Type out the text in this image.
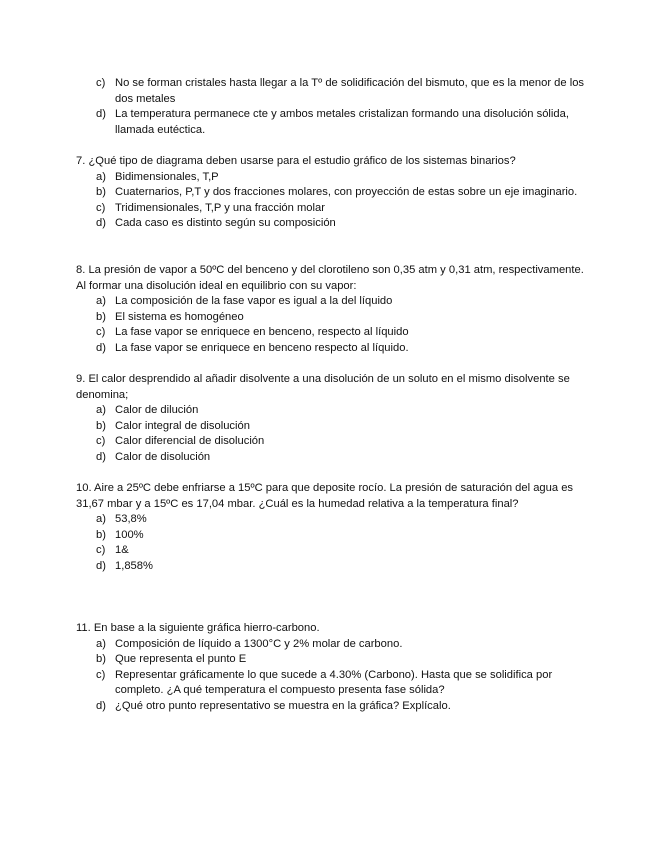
c) No se forman cristales hasta llegar a la Tº de solidificación del bismuto, que es la menor de los dos metales
d) La temperatura permanece cte y ambos metales cristalizan formando una disolución sólida, llamada eutéctica.
7. ¿Qué tipo de diagrama deben usarse para el estudio gráfico de los sistemas binarios?
a) Bidimensionales, T,P
b) Cuaternarios, P,T y dos fracciones molares, con proyección de estas sobre un eje imaginario.
c) Tridimensionales, T,P y una fracción molar
d) Cada caso es distinto según su composición
8. La presión de vapor a 50ºC del benceno y del clorotileno son 0,35 atm y 0,31 atm, respectivamente. Al formar una disolución ideal en equilibrio con su vapor:
a) La composición de la fase vapor es igual a la del líquido
b) El sistema es homogéneo
c) La fase vapor se enriquece en benceno, respecto al líquido
d) La fase vapor se enriquece en benceno respecto al líquido.
9. El calor desprendido al añadir disolvente a una disolución de un soluto en el mismo disolvente se denomina;
a) Calor de dilución
b) Calor integral de disolución
c) Calor diferencial de disolución
d) Calor de disolución
10. Aire a 25ºC debe enfriarse a 15ºC para que deposite rocío. La presión de saturación del agua es 31,67 mbar y a 15ºC es 17,04 mbar. ¿Cuál es la humedad relativa a la temperatura final?
a) 53,8%
b) 100%
c) 1&
d) 1,858%
11. En base a la siguiente gráfica hierro-carbono.
a) Composición de líquido a 1300°C y 2% molar de carbono.
b) Que representa el punto E
c) Representar gráficamente lo que sucede a 4.30% (Carbono). Hasta que se solidifica por completo. ¿A qué temperatura el compuesto presenta fase sólida?
d) ¿Qué otro punto representativo se muestra en la gráfica? Explícalo.
